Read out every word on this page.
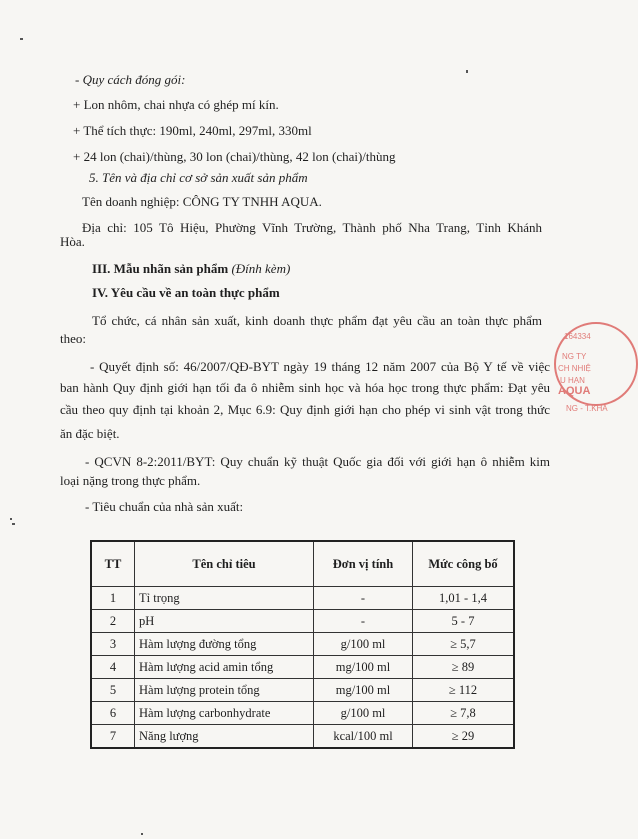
- Quy cách đóng gói:
+ Lon nhôm, chai nhựa có ghép mí kín.
+ Thể tích thực: 190ml, 240ml, 297ml, 330ml
+ 24 lon (chai)/thùng, 30 lon (chai)/thùng, 42 lon (chai)/thùng
5. Tên và địa chỉ cơ sở sản xuất sản phẩm
Tên doanh nghiệp: CÔNG TY TNHH AQUA.
Địa chỉ: 105 Tô Hiệu, Phường Vĩnh Trường, Thành phố Nha Trang, Tỉnh Khánh
Hòa.
III. Mẫu nhãn sản phẩm (Đính kèm)
IV. Yêu cầu về an toàn thực phẩm
Tổ chức, cá nhân sản xuất, kinh doanh thực phẩm đạt yêu cầu an toàn thực phẩm
theo:
- Quyết định số: 46/2007/QĐ-BYT ngày 19 tháng 12 năm 2007 của Bộ Y tế về việc
ban hành Quy định giới hạn tối đa ô nhiễm sinh học và hóa học trong thực phẩm: Đạt yêu
cầu theo quy định tại khoản 2, Mục 6.9: Quy định giới hạn cho phép vi sinh vật trong thức
ăn đặc biệt.
- QCVN 8-2:2011/BYT: Quy chuẩn kỹ thuật Quốc gia đối với giới hạn ô nhiễm kim
loại nặng trong thực phẩm.
- Tiêu chuẩn của nhà sản xuất:
164334
NG TY
CH NHIỆ
U HẠN
AQUA
NG - T.KHÁ
TT	Tên chỉ tiêu	Đơn vị tính	Mức công bố
1	Tỉ trọng	-	1,01 - 1,4
2	pH	-	5 - 7
3	Hàm lượng đường tổng	g/100 ml	≥ 5,7
4	Hàm lượng acid amin tổng	mg/100 ml	≥ 89
5	Hàm lượng protein tổng	mg/100 ml	≥ 112
6	Hàm lượng carbonhydrate	g/100 ml	≥ 7,8
7	Năng lượng	kcal/100 ml	≥ 29
